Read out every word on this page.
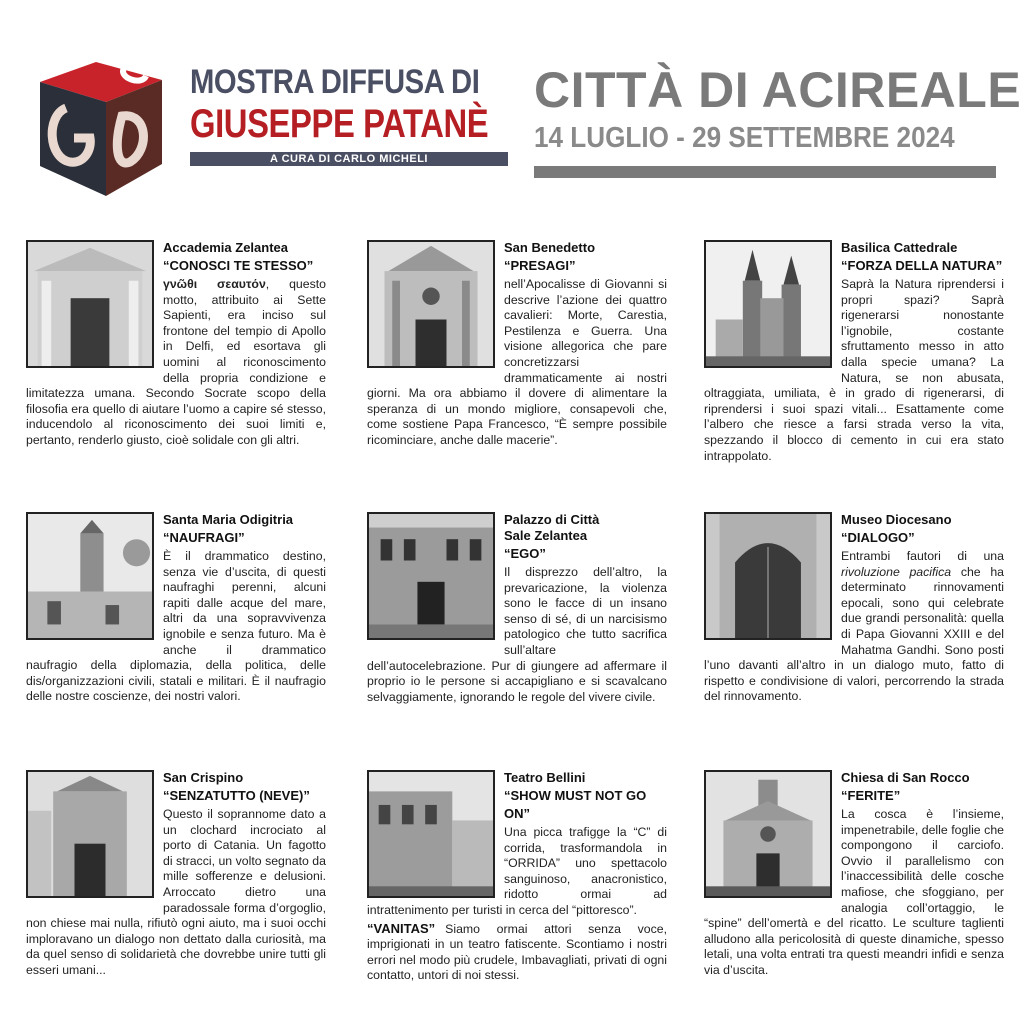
MOSTRA DIFFUSA DI
GIUSEPPE PATANÈ
A CURA DI CARLO MICHELI
CITTÀ DI ACIREALE
14 LUGLIO - 29 SETTEMBRE 2024
Accademia Zelantea
“CONOSCI TE STESSO”

γνῶθι σεαυτόν, questo motto, attribuito ai Sette Sapienti, era inciso sul frontone del tempio di Apollo in Delfi, ed esortava gli uomini al riconoscimento della propria condizione e limitatezza umana. Secondo Socrate scopo della filosofia era quello di aiutare l’uomo a capire sé stesso, inducendolo al riconoscimento dei suoi limiti e, pertanto, renderlo giusto, cioè solidale con gli altri.

San Benedetto
“PRESAGI”

nell’Apocalisse di Giovanni si descrive l’azione dei quattro cavalieri: Morte, Carestia, Pestilenza e Guerra. Una visione allegorica che pare concretizzarsi drammaticamente ai nostri giorni. Ma ora abbiamo il dovere di alimentare la speranza di un mondo migliore, consapevoli che, come sostiene Papa Francesco, “È sempre possibile ricominciare, anche dalle macerie”.

Basilica Cattedrale
“FORZA DELLA NATURA”

Saprà la Natura riprendersi i propri spazi? Saprà rigenerarsi nonostante l’ignobile, costante sfruttamento messo in atto dalla specie umana? La Natura, se non abusata, oltraggiata, umiliata, è in grado di rigenerarsi, di riprendersi i suoi spazi vitali... Esattamente come l’albero che riesce a farsi strada verso la vita, spezzando il blocco di cemento in cui era stato intrappolato.

Santa Maria Odigitria
“NAUFRAGI”

È il drammatico destino, senza vie d’uscita, di questi naufraghi perenni, alcuni rapiti dalle acque del mare, altri da una sopravvivenza ignobile e senza futuro. Ma è anche il drammatico naufragio della diplomazia, della politica, delle dis/organizzazioni civili, statali e militari. È il naufragio delle nostre coscienze, dei nostri valori.

Palazzo di Città
Sale Zelantea
“EGO”

Il disprezzo dell’altro, la prevaricazione, la violenza sono le facce di un insano senso di sé, di un narcisismo patologico che tutto sacrifica sull’altare dell’autocelebrazione. Pur di giungere ad affermare il proprio io le persone si accapigliano e si scavalcano selvaggiamente, ignorando le regole del vivere civile.

Museo Diocesano
“DIALOGO”

Entrambi fautori di una rivoluzione pacifica che ha determinato rinnovamenti epocali, sono qui celebrate due grandi personalità: quella di Papa Giovanni XXIII e del Mahatma Gandhi. Sono posti l’uno davanti all’altro in un dialogo muto, fatto di rispetto e condivisione di valori, percorrendo la strada del rinnovamento.

San Crispino
“SENZATUTTO (NEVE)”

Questo il soprannome dato a un clochard incrociato al porto di Catania. Un fagotto di stracci, un volto segnato da mille sofferenze e delusioni. Arroccato dietro una paradossale forma d’orgoglio, non chiese mai nulla, rifiutò ogni aiuto, ma i suoi occhi imploravano un dialogo non dettato dalla curiosità, ma da quel senso di solidarietà che dovrebbe unire tutti gli esseri umani...

Teatro Bellini
“SHOW MUST NOT GO ON”

Una picca trafigge la “C” di corrida, trasformandola in “ORRIDA” uno spettacolo sanguinoso, anacronistico, ridotto ormai ad intrattenimento per turisti in cerca del “pittoresco”.

“VANITAS” Siamo ormai attori senza voce, imprigionati in un teatro fatiscente. Scontiamo i nostri errori nel modo più crudele, Imbavagliati, privati di ogni contatto, untori di noi stessi.

Chiesa di San Rocco
“FERITE”

La cosca è l’insieme, impenetrabile, delle foglie che compongono il carciofo. Ovvio il parallelismo con l’inaccessibilità delle cosche mafiose, che sfoggiano, per analogia coll’ortaggio, le “spine” dell’omertà e del ricatto. Le sculture taglienti alludono alla pericolosità di queste dinamiche, spesso letali, una volta entrati tra questi meandri infidi e senza via d’uscita.
